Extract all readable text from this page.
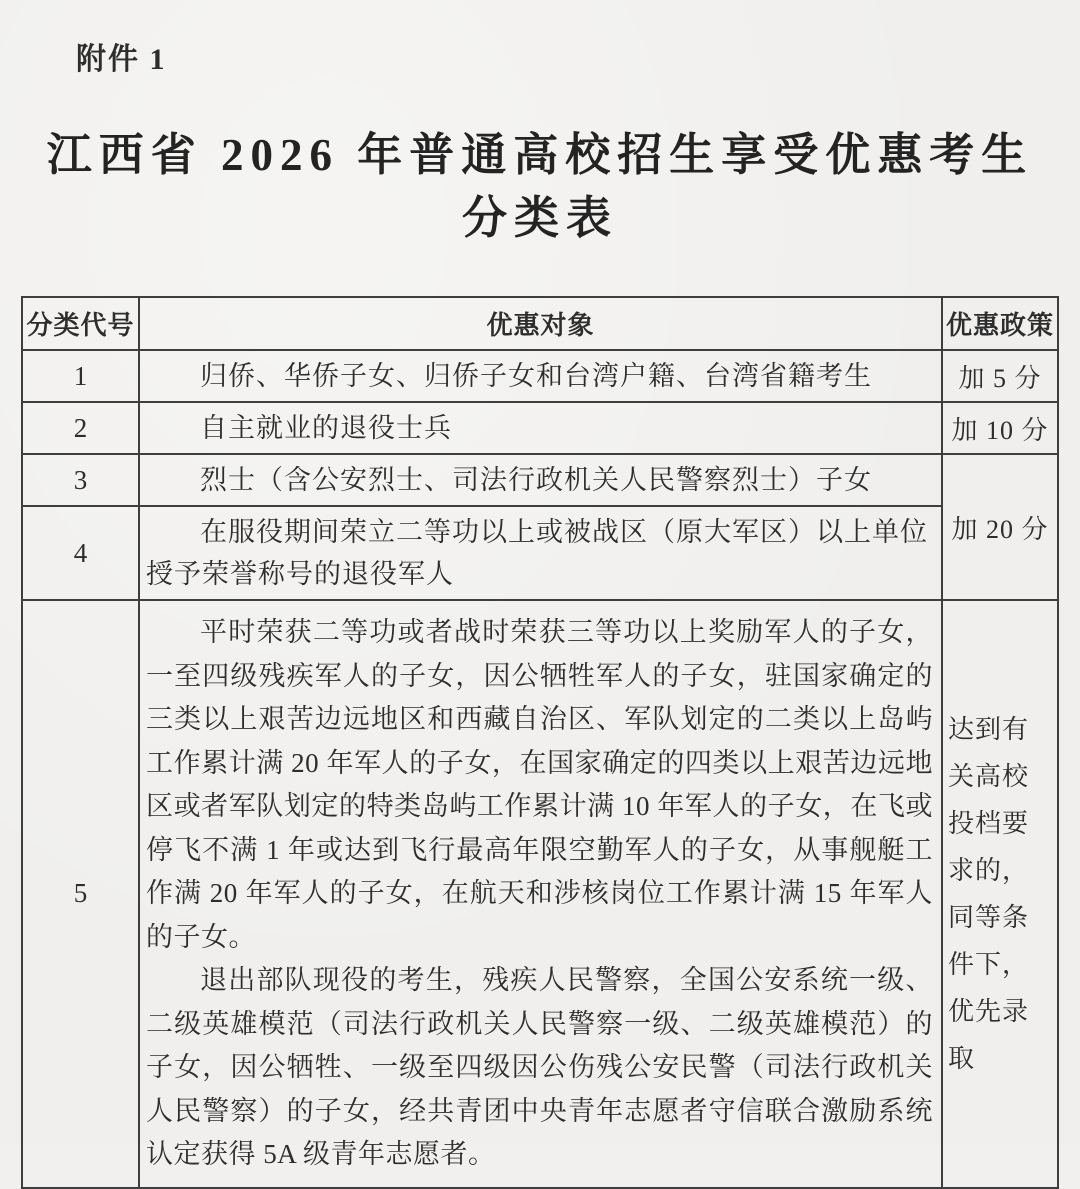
附件 1
江西省 2026 年普通高校招生享受优惠考生
分类表
分类代号	优惠对象	优惠政策
1	归侨、华侨子女、归侨子女和台湾户籍、台湾省籍考生	加 5 分
2	自主就业的退役士兵	加 10 分
3	烈士（含公安烈士、司法行政机关人民警察烈士）子女	加 20 分
4	在服役期间荣立二等功以上或被战区（原大军区）以上单位授予荣誉称号的退役军人	
5	平时荣获二等功或者战时荣获三等功以上奖励军人的子女，一至四级残疾军人的子女，因公牺牲军人的子女，驻国家确定的三类以上艰苦边远地区和西藏自治区、军队划定的二类以上岛屿工作累计满 20 年军人的子女，在国家确定的四类以上艰苦边远地区或者军队划定的特类岛屿工作累计满 10 年军人的子女，在飞或停飞不满 1 年或达到飞行最高年限空勤军人的子女，从事舰艇工作满 20 年军人的子女，在航天和涉核岗位工作累计满 15 年军人的子女。

退出部队现役的考生，残疾人民警察，全国公安系统一级、二级英雄模范（司法行政机关人民警察一级、二级英雄模范）的子女，因公牺牲、一级至四级因公伤残公安民警（司法行政机关人民警察）的子女，经共青团中央青年志愿者守信联合激励系统认定获得 5A 级青年志愿者。	达到有关高校投档要求的，同等条件下，优先录取
